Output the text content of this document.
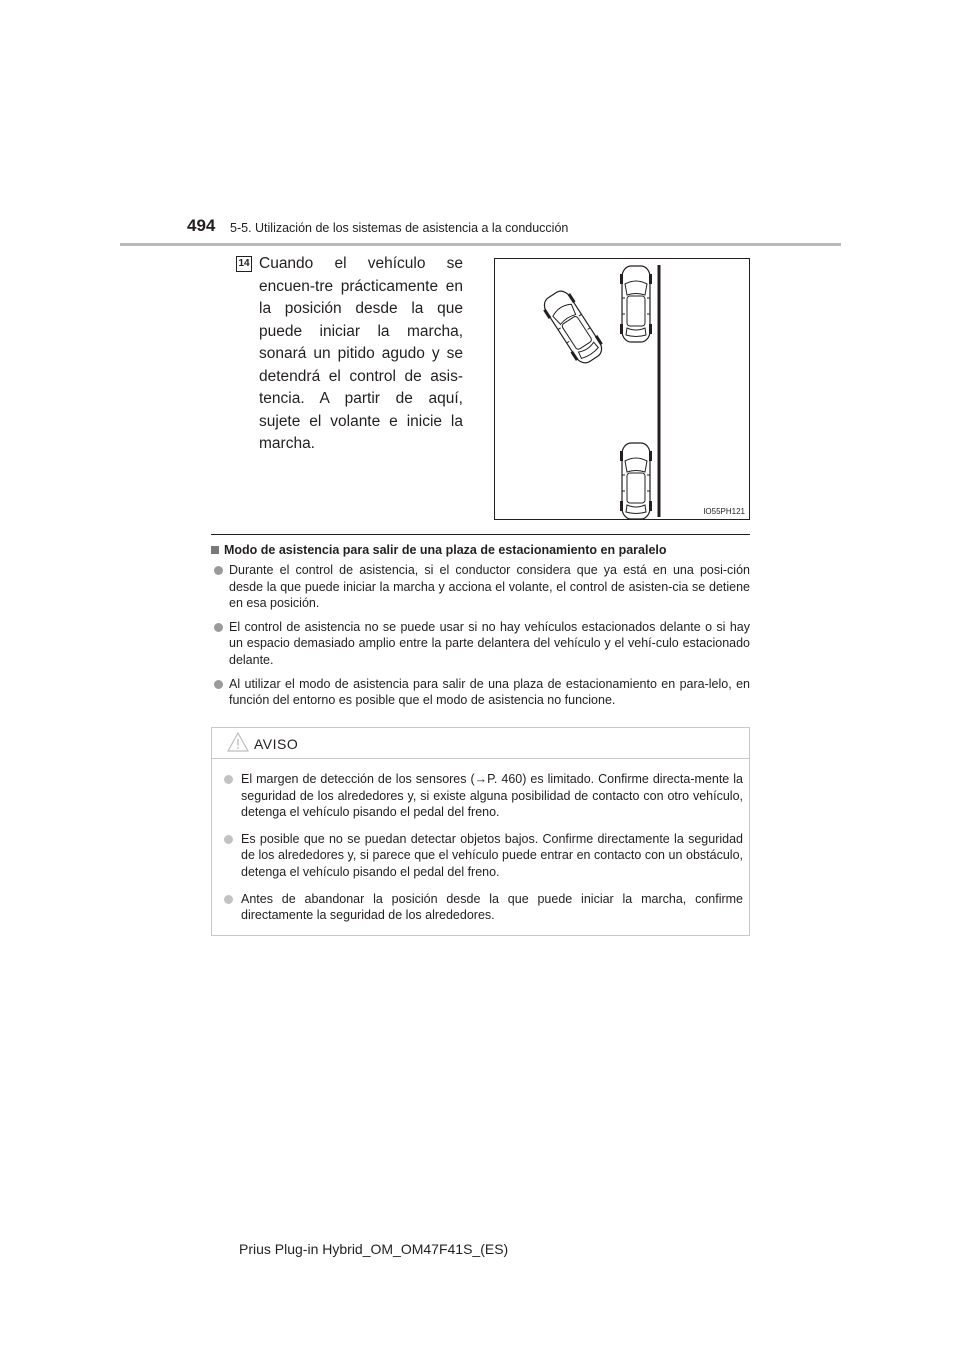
494 5-5. Utilización de los sistemas de asistencia a la conducción
14 Cuando el vehículo se encuen-tre prácticamente en la posición desde la que puede iniciar la marcha, sonará un pitido agudo y se detendrá el control de asis-tencia. A partir de aquí, sujete el volante e inicie la marcha.

IO55PH121
Modo de asistencia para salir de una plaza de estacionamiento en paralelo
Durante el control de asistencia, si el conductor considera que ya está en una posi-ción desde la que puede iniciar la marcha y acciona el volante, el control de asisten-cia se detiene en esa posición.
El control de asistencia no se puede usar si no hay vehículos estacionados delante o si hay un espacio demasiado amplio entre la parte delantera del vehículo y el vehí-culo estacionado delante.
Al utilizar el modo de asistencia para salir de una plaza de estacionamiento en para-lelo, en función del entorno es posible que el modo de asistencia no funcione.
AVISO
El margen de detección de los sensores (→P. 460) es limitado. Confirme directa-mente la seguridad de los alrededores y, si existe alguna posibilidad de contacto con otro vehículo, detenga el vehículo pisando el pedal del freno.
Es posible que no se puedan detectar objetos bajos. Confirme directamente la seguridad de los alrededores y, si parece que el vehículo puede entrar en contacto con un obstáculo, detenga el vehículo pisando el pedal del freno.
Antes de abandonar la posición desde la que puede iniciar la marcha, confirme directamente la seguridad de los alrededores.
Prius Plug-in Hybrid_OM_OM47F41S_(ES)
